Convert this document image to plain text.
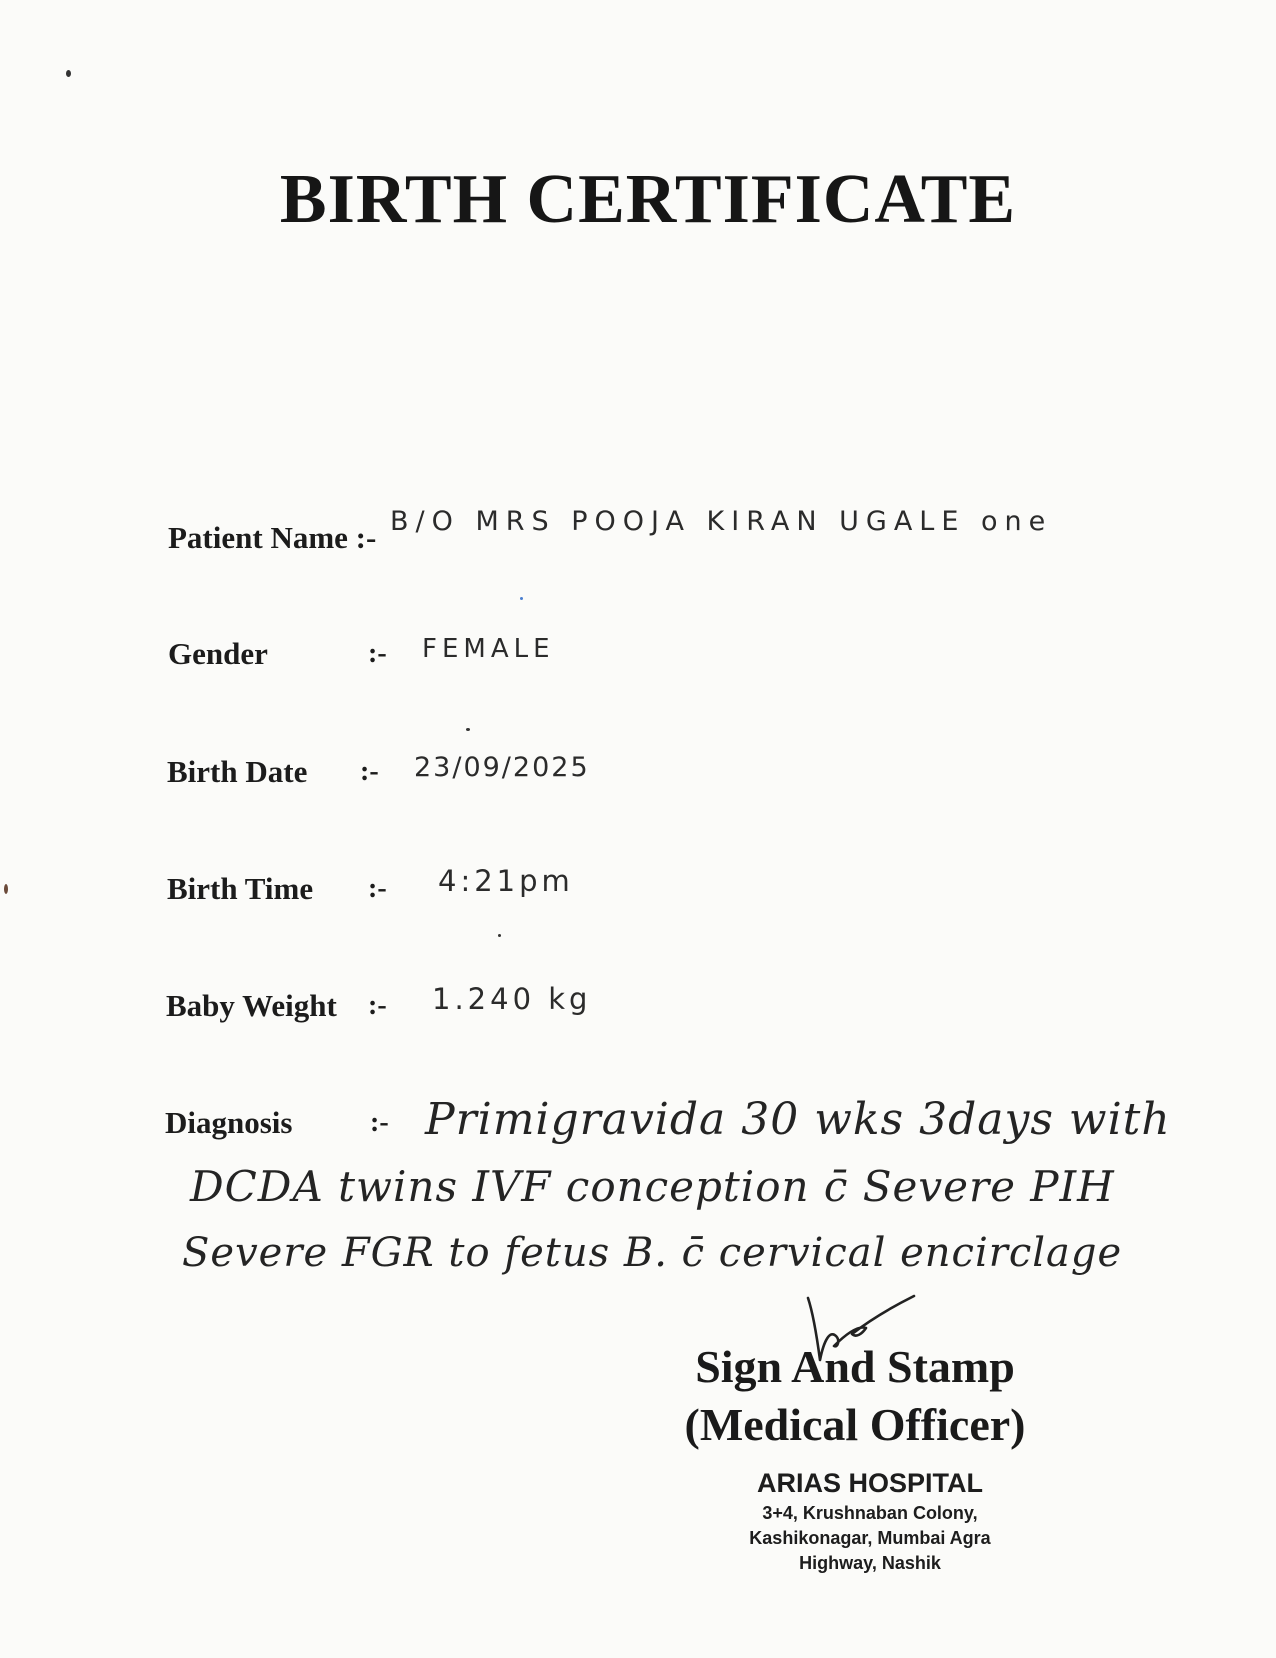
BIRTH CERTIFICATE
Patient Name :- B/O MRS POOJA KIRAN UGALE one
Gender	:- FEMALE
Birth Date :- 23/09/2025
Birth Time :- 4:21pm
Baby Weight :- 1.240 kg
Diagnosis	:- Primigravida 30 wks 3days with
DCDA twins IVF conception c̄ Severe PIH
Severe FGR to fetus B. c̄ cervical encirclage
Sign And Stamp
(Medical Officer)
ARIAS HOSPITAL
3+4, Krushnaban Colony,
Kashikonagar, Mumbai Agra
Highway, Nashik
